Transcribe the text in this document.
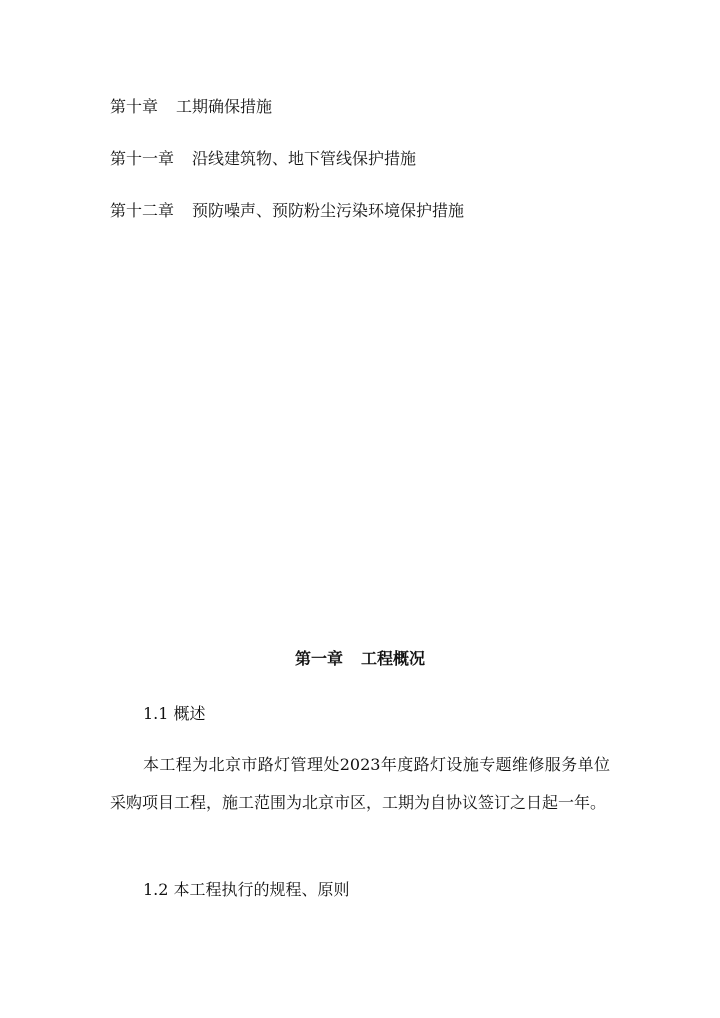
第十章 工期确保措施
第十一章 沿线建筑物、地下管线保护措施
第十二章 预防噪声、预防粉尘污染环境保护措施
第一章 工程概况
1.1 概述
本工程为北京市路灯管理处2023年度路灯设施专题维修服务单位采购项目工程，施工范围为北京市区，工期为自协议签订之日起一年。
1.2 本工程执行的规程、原则
